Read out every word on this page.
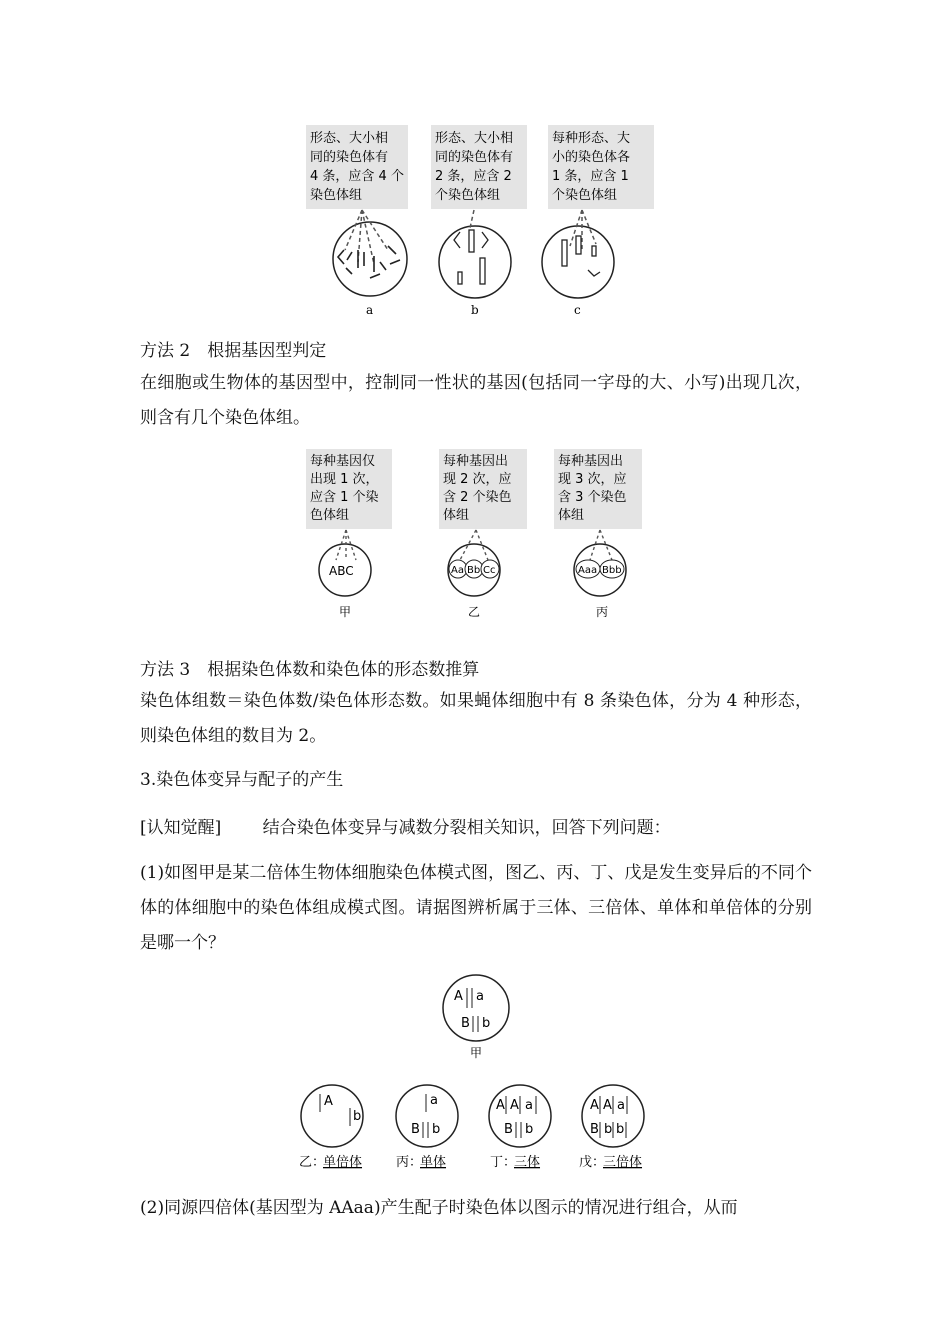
形态、大小相
同的染色体有
4 条，应含 4 个
染色体组
形态、大小相
同的染色体有
2 条，应含 2
个染色体组
每种形态、大
小的染色体各
1 条，应含 1
个染色体组
a	b	c
方法 2　根据基因型判定
在细胞或生物体的基因型中，控制同一性状的基因(包括同一字母的大、小写)出现几次，则含有几个染色体组。
每种基因仅
出现 1 次，
应含 1 个染
色体组
每种基因出
现 2 次，应
含 2 个染色
体组
每种基因出
现 3 次，应
含 3 个染色
体组
ABC	Aa Bb Cc	Aaa Bbb
甲	乙	丙
方法 3　根据染色体数和染色体的形态数推算
染色体组数＝染色体数/染色体形态数。如果蝇体细胞中有 8 条染色体，分为 4 种形态，则染色体组的数目为 2。
3.染色体变异与配子的产生
[认知觉醒] 结合染色体变异与减数分裂相关知识，回答下列问题：
(1)如图甲是某二倍体生物体细胞染色体模式图，图乙、丙、丁、戊是发生变异后的不同个体的体细胞中的染色体组成模式图。请据图辨析属于三体、三倍体、单体和单倍体的分别是哪一个？
A a
B b
甲
A
b
a
B b
A A a
B b
A A a
B b b
乙：
单倍体	丙：
单体	丁：
三体	戊：
三倍体
(2)同源四倍体(基因型为 AAaa)产生配子时染色体以图示的情况进行组合，从而
